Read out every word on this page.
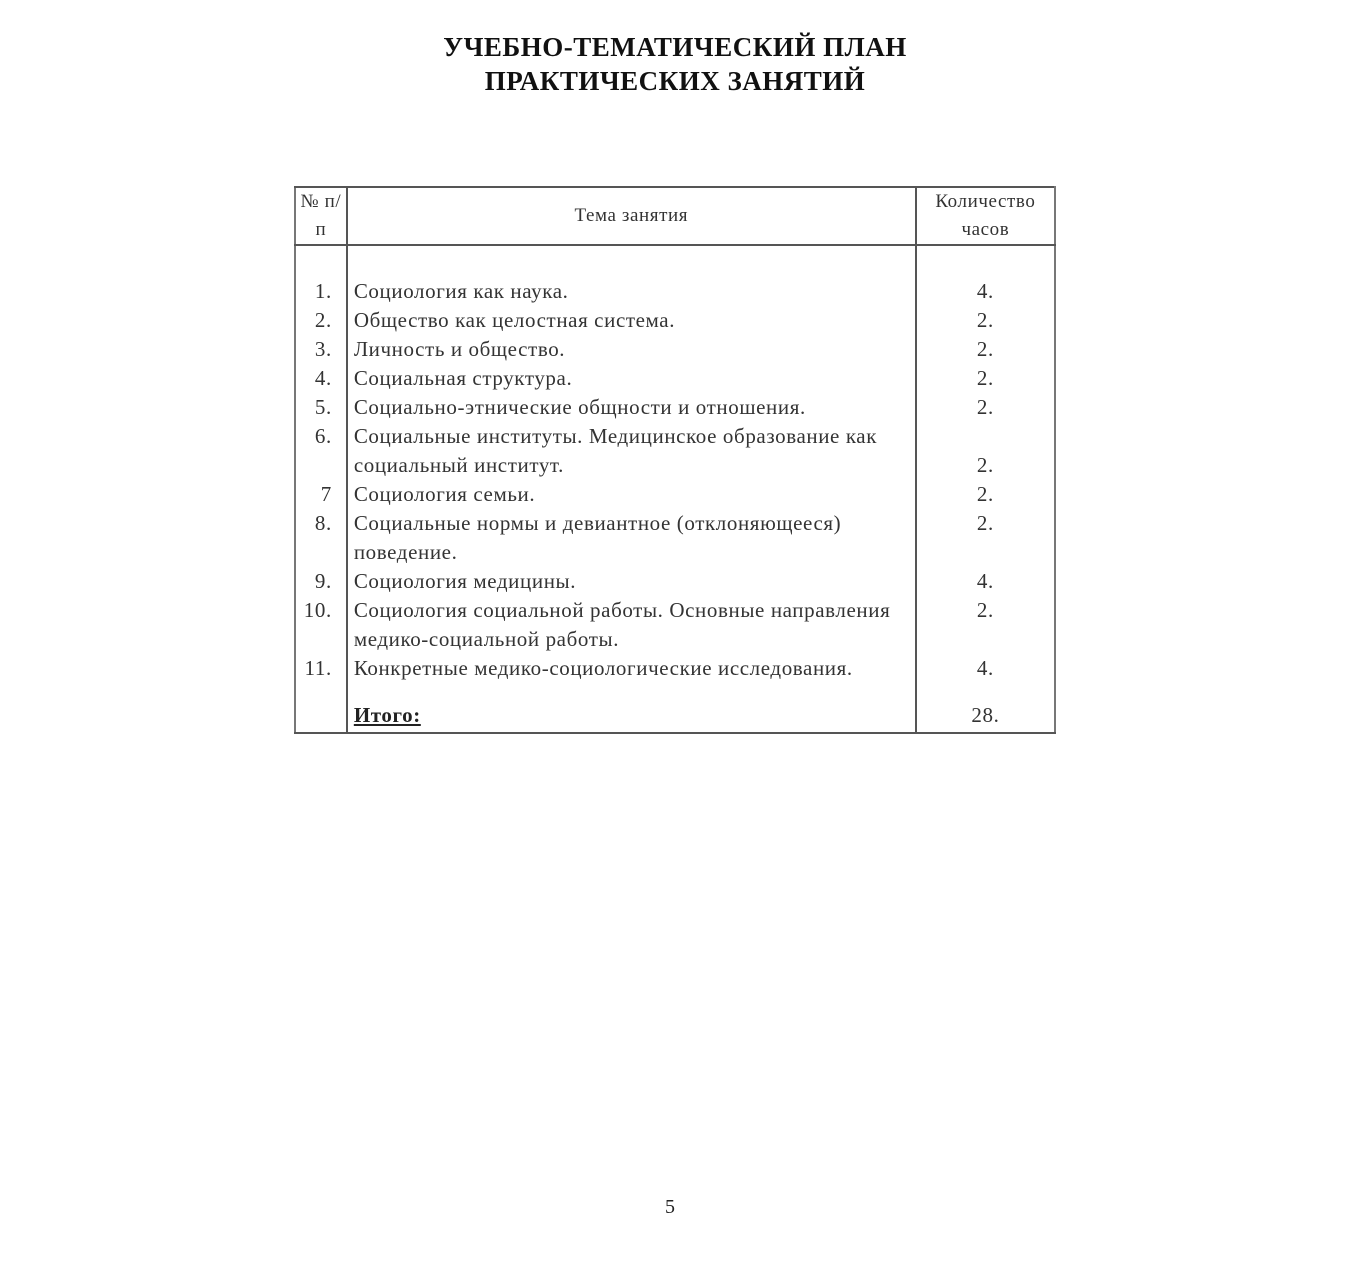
УЧЕБНО-ТЕМАТИЧЕСКИЙ ПЛАН
ПРАКТИЧЕСКИХ ЗАНЯТИЙ
№ п/п	Тема занятия	Количество часов
1.	Социология как наука.	4.
2.	Общество как целостная система.	2.
3.	Личность и общество.	2.
4.	Социальная структура.	2.
5.	Социально-этнические общности и отношения.	2.
6.	Социальные институты. Медицинское образование как социальный институт.	2.
7	Социология семьи.	2.
8.	Социальные нормы и девиантное (отклоняющееся) поведение.	2.
9.	Социология медицины.	4.
10.	Социология социальной работы. Основные направления медико-социальной работы.	2.
11.	Конкретные медико-социологические исследования.	4.
	Итого:	28.
5
